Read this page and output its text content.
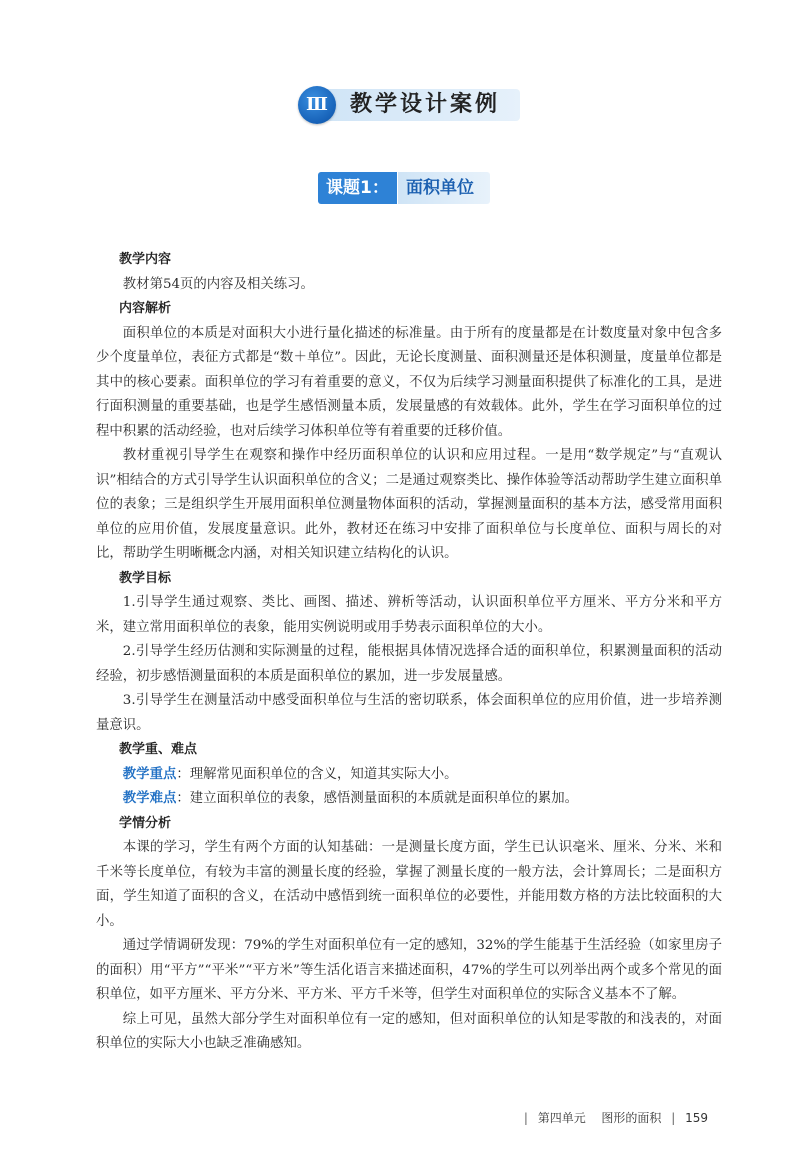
Ⅲ	教学设计案例
课题1：	面积单位

教学内容

教材第54页的内容及相关练习。

内容解析

面积单位的本质是对面积大小进行量化描述的标准量。由于所有的度量都是在计数度量对象中包含多少个度量单位，表征方式都是“数＋单位”。因此，无论长度测量、面积测量还是体积测量，度量单位都是其中的核心要素。面积单位的学习有着重要的意义，不仅为后续学习测量面积提供了标准化的工具，是进行面积测量的重要基础，也是学生感悟测量本质，发展量感的有效载体。此外，学生在学习面积单位的过程中积累的活动经验，也对后续学习体积单位等有着重要的迁移价值。

教材重视引导学生在观察和操作中经历面积单位的认识和应用过程。一是用“数学规定”与“直观认识”相结合的方式引导学生认识面积单位的含义；二是通过观察类比、操作体验等活动帮助学生建立面积单位的表象；三是组织学生开展用面积单位测量物体面积的活动，掌握测量面积的基本方法，感受常用面积单位的应用价值，发展度量意识。此外，教材还在练习中安排了面积单位与长度单位、面积与周长的对比，帮助学生明晰概念内涵，对相关知识建立结构化的认识。

教学目标

1.引导学生通过观察、类比、画图、描述、辨析等活动，认识面积单位平方厘米、平方分米和平方米，建立常用面积单位的表象，能用实例说明或用手势表示面积单位的大小。

2.引导学生经历估测和实际测量的过程，能根据具体情况选择合适的面积单位，积累测量面积的活动经验，初步感悟测量面积的本质是面积单位的累加，进一步发展量感。

3.引导学生在测量活动中感受面积单位与生活的密切联系，体会面积单位的应用价值，进一步培养测量意识。

教学重、难点

教学重点：理解常见面积单位的含义，知道其实际大小。

教学难点：建立面积单位的表象，感悟测量面积的本质就是面积单位的累加。

学情分析

本课的学习，学生有两个方面的认知基础：一是测量长度方面，学生已认识毫米、厘米、分米、米和千米等长度单位，有较为丰富的测量长度的经验，掌握了测量长度的一般方法，会计算周长；二是面积方面，学生知道了面积的含义，在活动中感悟到统一面积单位的必要性，并能用数方格的方法比较面积的大小。

通过学情调研发现：79%的学生对面积单位有一定的感知，32%的学生能基于生活经验（如家里房子的面积）用“平方”“平米”“平方米”等生活化语言来描述面积，47%的学生可以列举出两个或多个常见的面积单位，如平方厘米、平方分米、平方米、平方千米等，但学生对面积单位的实际含义基本不了解。

综上可见，虽然大部分学生对面积单位有一定的感知，但对面积单位的认知是零散的和浅表的，对面积单位的实际大小也缺乏准确感知。

| 第四单元 图形的面积 | 159
